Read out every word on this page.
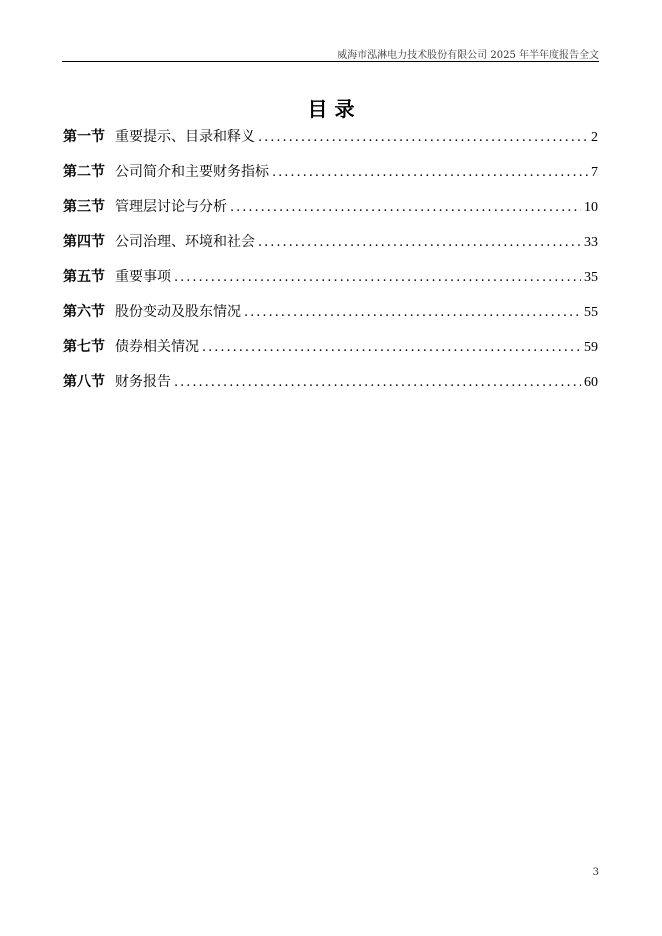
威海市泓淋电力技术股份有限公司 2025 年半年度报告全文
目 录
第一节 重要提示、目录和释义 .....	2
第二节 公司简介和主要财务指标 .....	7
第三节 管理层讨论与分析 .....	10
第四节 公司治理、环境和社会 .....	33
第五节 重要事项 .....	35
第六节 股份变动及股东情况 .....	55
第七节 债券相关情况 .....	59
第八节 财务报告 .....	60
3
